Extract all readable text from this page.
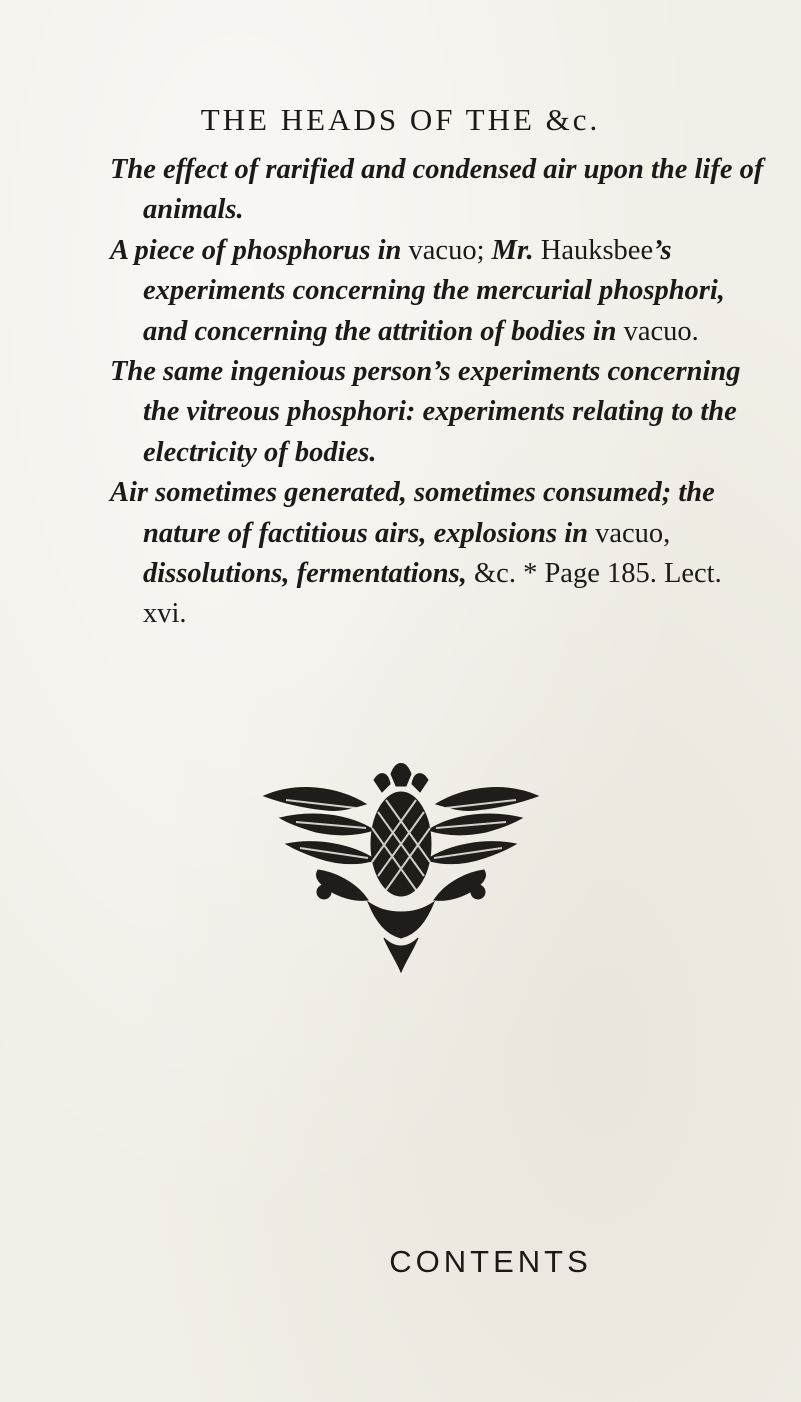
THE HEADS OF THE &c.

The effect of rarified and condensed air upon the life of animals.

A piece of phosphorus in vacuo; Mr. Hauksbee’s experiments concerning the mercurial phosphori, and concerning the attrition of bodies in vacuo.

The same ingenious person’s experiments concerning the vitreous phosphori: experiments relating to the electricity of bodies.

Air sometimes generated, sometimes consumed; the nature of factitious airs, explosions in vacuo, dissolutions, fermentations, &c. * Page 185. Lect. xvi.

CONTENTS
